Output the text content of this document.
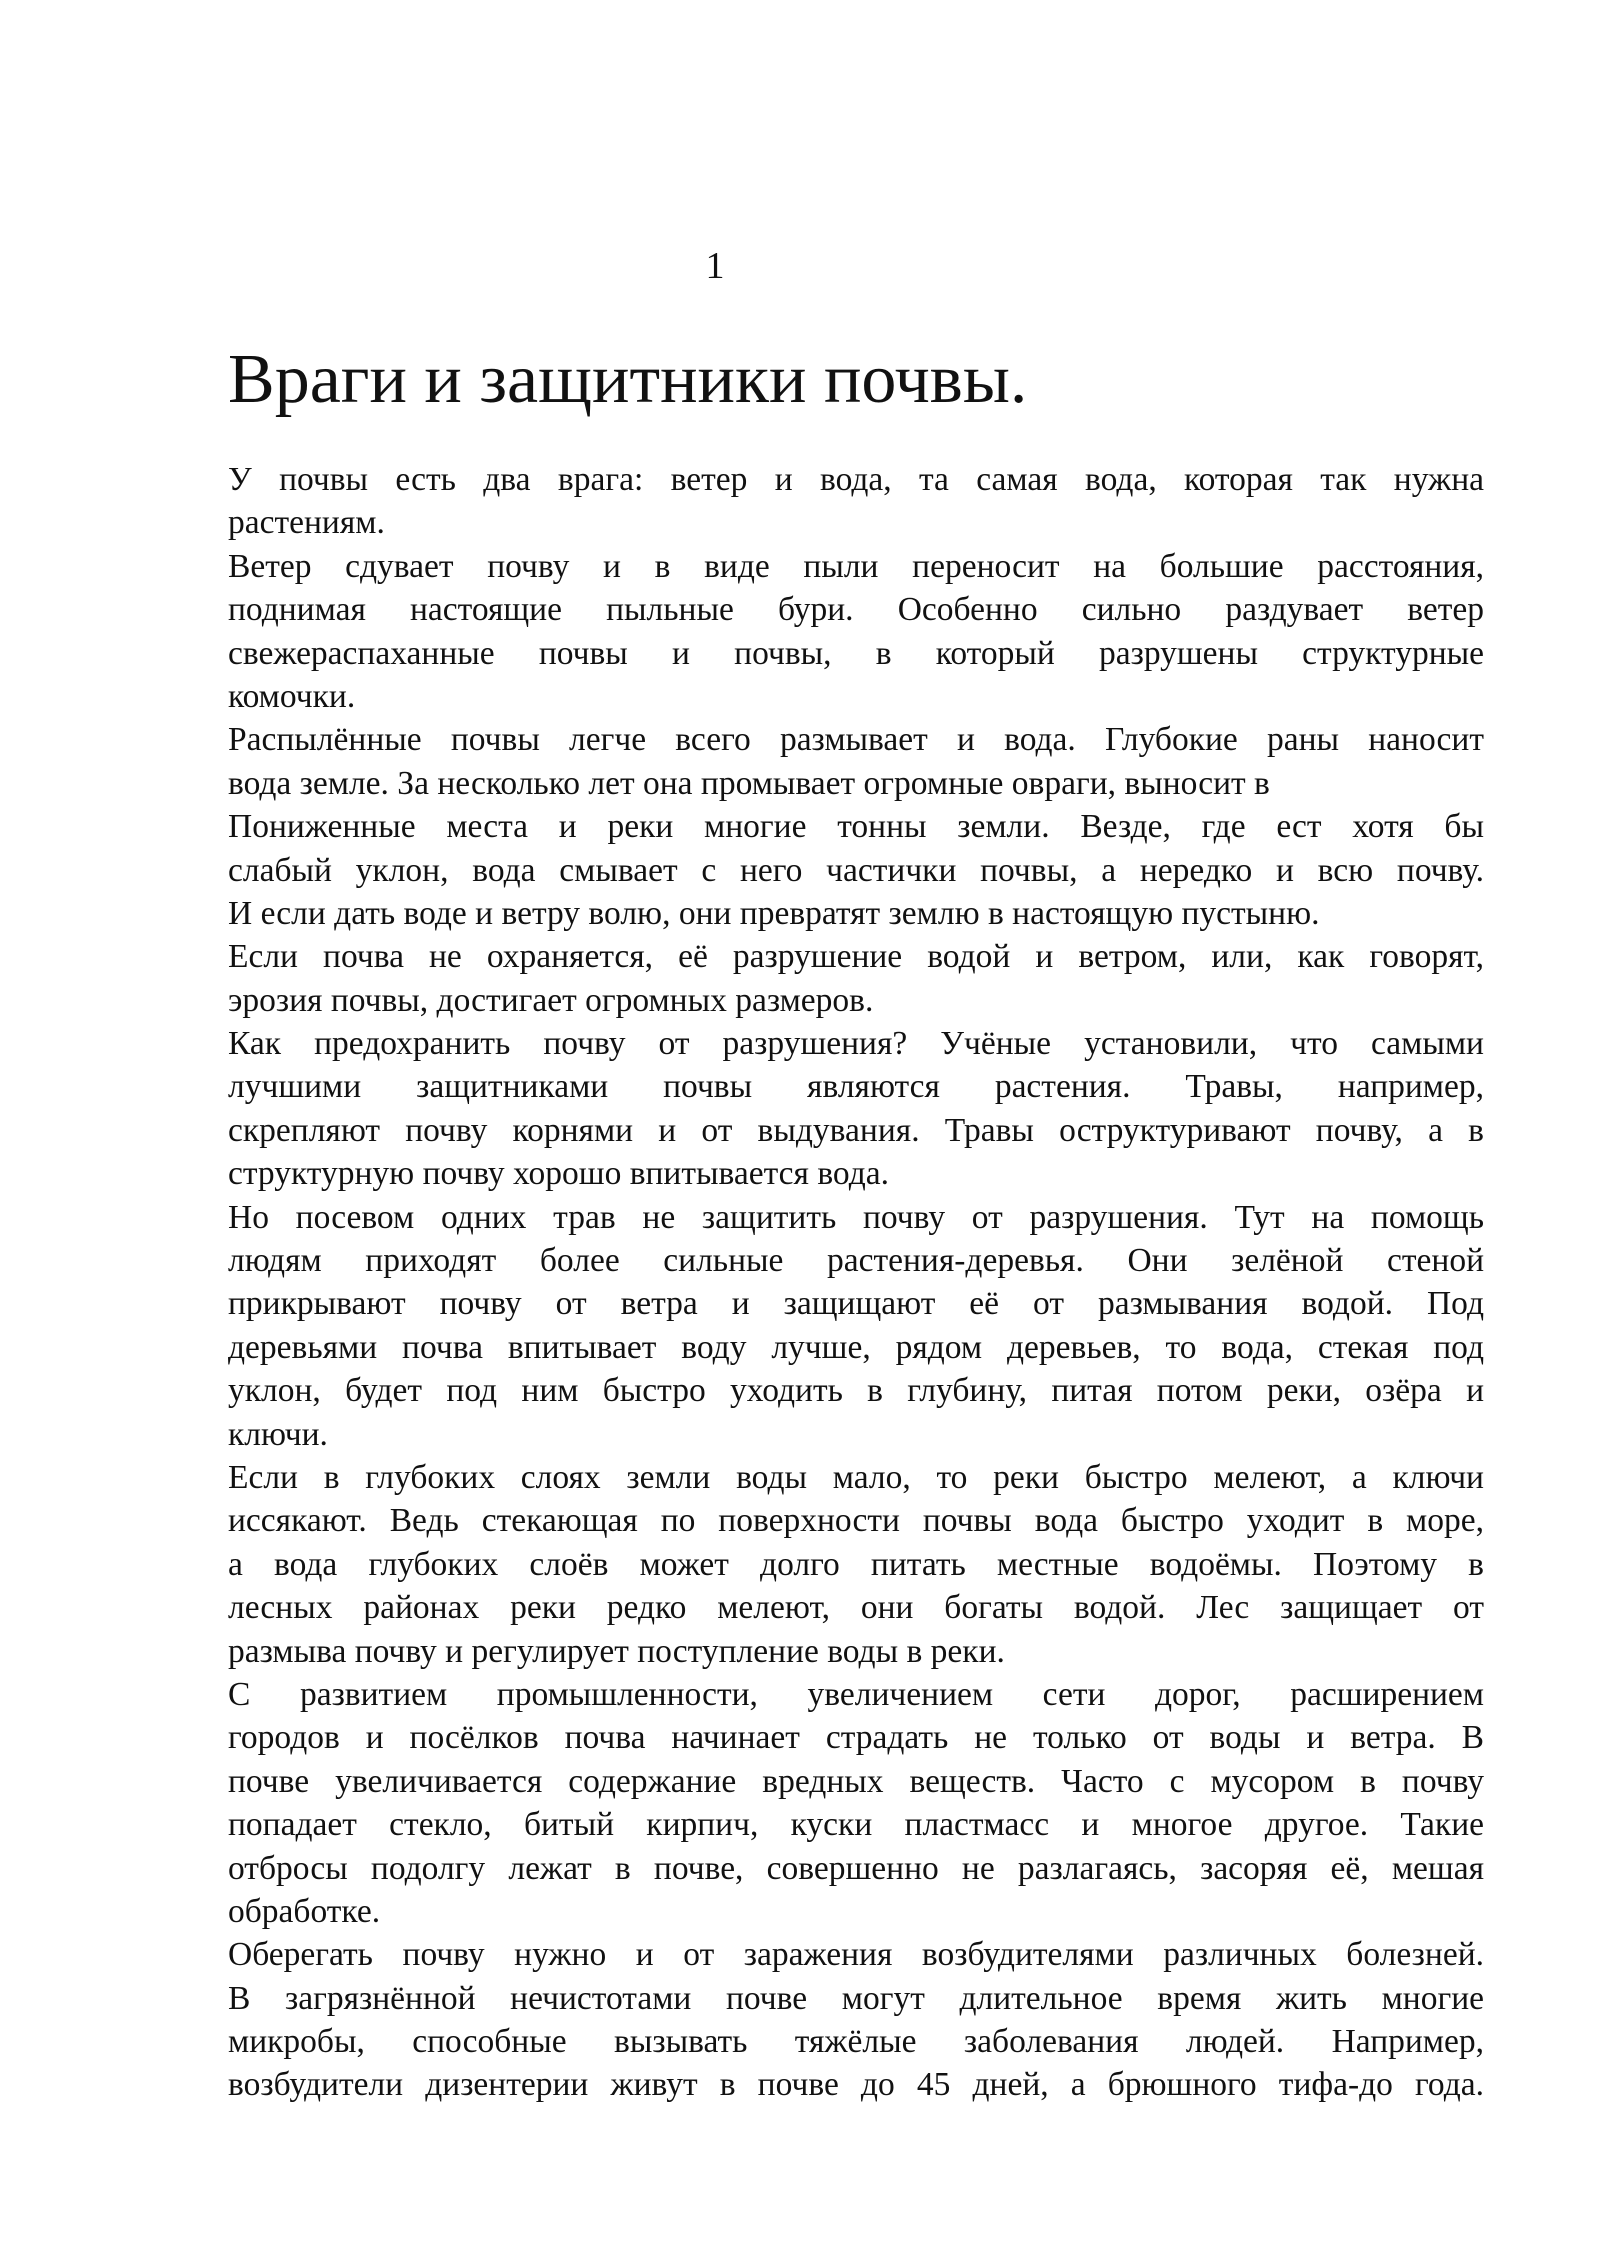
1
Враги и защитники почвы.
У почвы есть два врага: ветер и вода, та самая вода, которая так нужна
растениям.
Ветер сдувает почву и в виде пыли переносит на большие расстояния,
поднимая настоящие пыльные бури. Особенно сильно раздувает ветер
свежераспаханные почвы и почвы, в который разрушены структурные
комочки.
Распылённые почвы легче всего размывает и вода. Глубокие раны наносит
вода земле. За несколько лет она промывает огромные овраги, выносит в
Пониженные места и реки многие тонны земли. Везде, где ест хотя бы
слабый уклон, вода смывает с него частички почвы, а нередко и всю почву.
И если дать воде и ветру волю, они превратят землю в настоящую пустыню.
Если почва не охраняется, её разрушение водой и ветром, или, как говорят,
эрозия почвы, достигает огромных размеров.
Как предохранить почву от разрушения? Учёные установили, что самыми
лучшими защитниками почвы являются растения. Травы, например,
скрепляют почву корнями и от выдувания. Травы оструктуривают почву, а в
структурную почву хорошо впитывается вода.
Но посевом одних трав не защитить почву от разрушения. Тут на помощь
людям приходят более сильные растения-деревья. Они зелёной стеной
прикрывают почву от ветра и защищают её от размывания водой. Под
деревьями почва впитывает воду лучше, рядом деревьев, то вода, стекая под
уклон, будет под ним быстро уходить в глубину, питая потом реки, озёра и
ключи.
Если в глубоких слоях земли воды мало, то реки быстро мелеют, а ключи
иссякают. Ведь стекающая по поверхности почвы вода быстро уходит в море,
а вода глубоких слоёв может долго питать местные водоёмы. Поэтому в
лесных районах реки редко мелеют, они богаты водой. Лес защищает от
размыва почву и регулирует поступление воды в реки.
С развитием промышленности, увеличением сети дорог, расширением
городов и посёлков почва начинает страдать не только от воды и ветра. В
почве увеличивается содержание вредных веществ. Часто с мусором в почву
попадает стекло, битый кирпич, куски пластмасс и многое другое. Такие
отбросы подолгу лежат в почве, совершенно не разлагаясь, засоряя её, мешая
обработке.
Оберегать почву нужно и от заражения возбудителями различных болезней.
В загрязнённой нечистотами почве могут длительное время жить многие
микробы, способные вызывать тяжёлые заболевания людей. Например,
возбудители дизентерии живут в почве до 45 дней, а брюшного тифа-до года.
